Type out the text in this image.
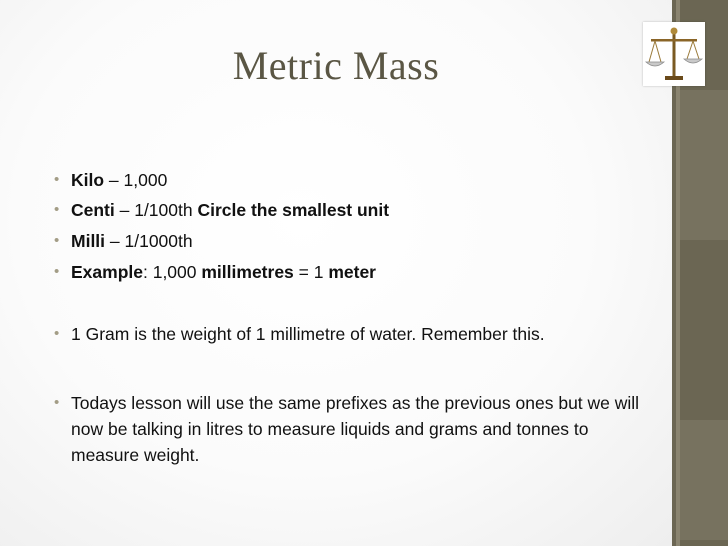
Metric Mass
• Kilo – 1,000
• Centi – 1/100th Circle the smallest unit
• Milli – 1/1000th
• Example: 1,000 millimetres = 1 meter
• 1 Gram is the weight of 1 millimetre of water. Remember this.
• Todays lesson will use the same prefixes as the previous ones but we will now be talking in litres to measure liquids and grams and tonnes to measure weight.
